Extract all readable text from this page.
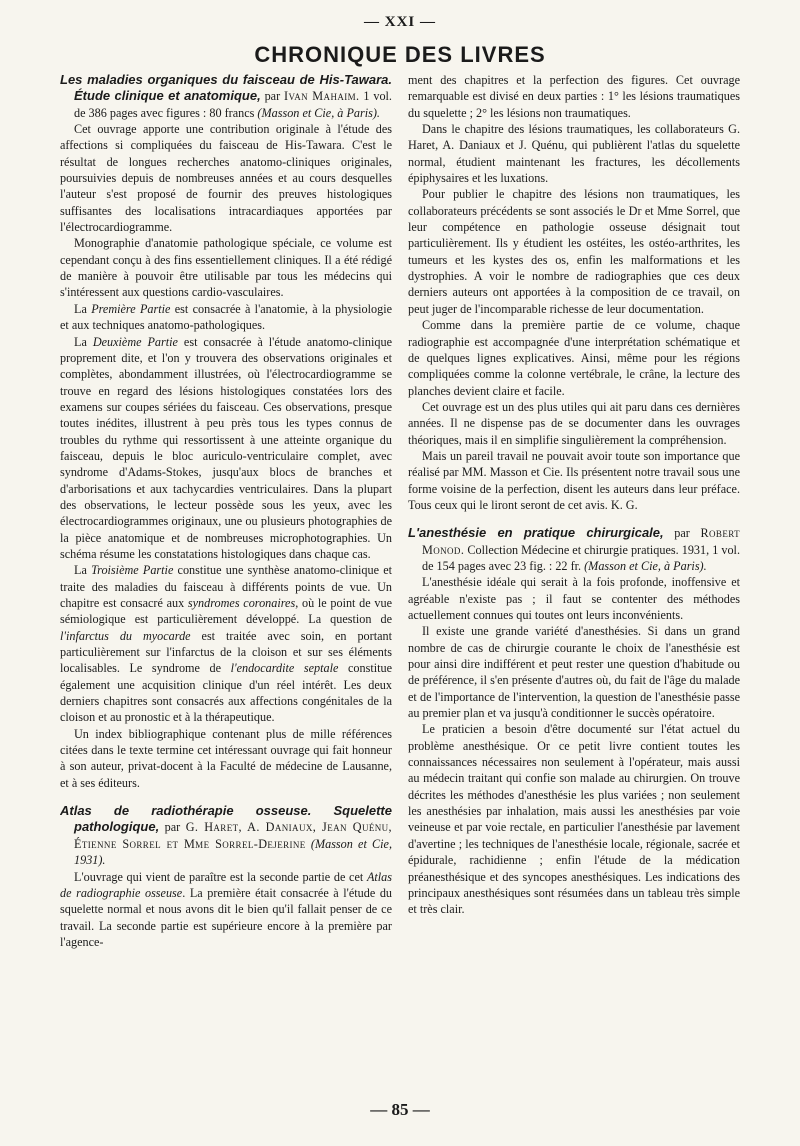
— XXI —
CHRONIQUE DES LIVRES
Les maladies organiques du faisceau de His-Tawara. Étude clinique et anatomique, par Ivan Mahaim. 1 vol. de 386 pages avec figures : 80 francs (Masson et Cie, à Paris).

Cet ouvrage apporte une contribution originale à l'étude des affections si compliquées du faisceau de His-Tawara. C'est le résultat de longues recherches anatomo-cliniques originales, poursuivies depuis de nombreuses années et au cours desquelles l'auteur s'est proposé de fournir des preuves histologiques suffisantes des localisations intracardiaques apportées par l'électrocardiogramme.

Monographie d'anatomie pathologique spéciale, ce volume est cependant conçu à des fins essentiellement cliniques. Il a été rédigé de manière à pouvoir être utilisable par tous les médecins qui s'intéressent aux questions cardio-vasculaires.

La Première Partie est consacrée à l'anatomie, à la physiologie et aux techniques anatomo-pathologiques.

La Deuxième Partie est consacrée à l'étude anatomo-clinique proprement dite, et l'on y trouvera des observations originales et complètes, abondamment illustrées, où l'électrocardiogramme se trouve en regard des lésions histologiques constatées lors des examens sur coupes sériées du faisceau. Ces observations, presque toutes inédites, illustrent à peu près tous les types connus de troubles du rythme qui ressortissent à une atteinte organique du faisceau, depuis le bloc auriculo-ventriculaire complet, avec syndrome d'Adams-Stokes, jusqu'aux blocs de branches et d'arborisations et aux tachycardies ventriculaires. Dans la plupart des observations, le lecteur possède sous les yeux, avec les électrocardiogrammes originaux, une ou plusieurs photographies de la pièce anatomique et de nombreuses microphotographies. Un schéma résume les constatations histologiques dans chaque cas.

La Troisième Partie constitue une synthèse anatomo-clinique et traite des maladies du faisceau à différents points de vue. Un chapitre est consacré aux syndromes coronaires, où le point de vue sémiologique est particulièrement développé. La question de l'infarctus du myocarde est traitée avec soin, en portant particulièrement sur l'infarctus de la cloison et sur ses éléments localisables. Le syndrome de l'endocardite septale constitue également une acquisition clinique d'un réel intérêt. Les deux derniers chapitres sont consacrés aux affections congénitales de la cloison et au pronostic et à la thérapeutique.

Un index bibliographique contenant plus de mille références citées dans le texte termine cet intéressant ouvrage qui fait honneur à son auteur, privat-docent à la Faculté de médecine de Lausanne, et à ses éditeurs.

Atlas de radiothérapie osseuse. Squelette pathologique, par G. Haret, A. Daniaux, Jean Quénu, Étienne Sorrel et Mme Sorrel-Dejerine (Masson et Cie, 1931).

L'ouvrage qui vient de paraître est la seconde partie de cet Atlas de radiographie osseuse. La première était consacrée à l'étude du squelette normal et nous avons dit le bien qu'il fallait penser de ce travail. La seconde partie est supérieure encore à la première par l'agence-

ment des chapitres et la perfection des figures. Cet ouvrage remarquable est divisé en deux parties : 1° les lésions traumatiques du squelette ; 2° les lésions non traumatiques.

Dans le chapitre des lésions traumatiques, les collaborateurs G. Haret, A. Daniaux et J. Quénu, qui publièrent l'atlas du squelette normal, étudient maintenant les fractures, les décollements épiphysaires et les luxations.

Pour publier le chapitre des lésions non traumatiques, les collaborateurs précédents se sont associés le Dr et Mme Sorrel, que leur compétence en pathologie osseuse désignait tout particulièrement. Ils y étudient les ostéites, les ostéo-arthrites, les tumeurs et les kystes des os, enfin les malformations et les dystrophies. A voir le nombre de radiographies que ces deux derniers auteurs ont apportées à la composition de ce travail, on peut juger de l'incomparable richesse de leur documentation.

Comme dans la première partie de ce volume, chaque radiographie est accompagnée d'une interprétation schématique et de quelques lignes explicatives. Ainsi, même pour les régions compliquées comme la colonne vertébrale, le crâne, la lecture des planches devient claire et facile.

Cet ouvrage est un des plus utiles qui ait paru dans ces dernières années. Il ne dispense pas de se documenter dans les ouvrages théoriques, mais il en simplifie singulièrement la compréhension.

Mais un pareil travail ne pouvait avoir toute son importance que réalisé par MM. Masson et Cie. Ils présentent notre travail sous une forme voisine de la perfection, disent les auteurs dans leur préface. Tous ceux qui le liront seront de cet avis. K. G.

L'anesthésie en pratique chirurgicale, par Robert Monod. Collection Médecine et chirurgie pratiques. 1931, 1 vol. de 154 pages avec 23 fig. : 22 fr. (Masson et Cie, à Paris).

L'anesthésie idéale qui serait à la fois profonde, inoffensive et agréable n'existe pas ; il faut se contenter des méthodes actuellement connues qui toutes ont leurs inconvénients.

Il existe une grande variété d'anesthésies. Si dans un grand nombre de cas de chirurgie courante le choix de l'anesthésie est pour ainsi dire indifférent et peut rester une question d'habitude ou de préférence, il s'en présente d'autres où, du fait de l'âge du malade et de l'importance de l'intervention, la question de l'anesthésie passe au premier plan et va jusqu'à conditionner le succès opératoire.

Le praticien a besoin d'être documenté sur l'état actuel du problème anesthésique. Or ce petit livre contient toutes les connaissances nécessaires non seulement à l'opérateur, mais aussi au médecin traitant qui confie son malade au chirurgien. On trouve décrites les méthodes d'anesthésie les plus variées ; non seulement les anesthésies par inhalation, mais aussi les anesthésies par voie veineuse et par voie rectale, en particulier l'anesthésie par lavement d'avertine ; les techniques de l'anesthésie locale, régionale, sacrée et épidurale, rachidienne ; enfin l'étude de la médication préanesthésique et des syncopes anesthésiques. Les indications des principaux anesthésiques sont résumées dans un tableau très simple et très clair.

— 85 —
